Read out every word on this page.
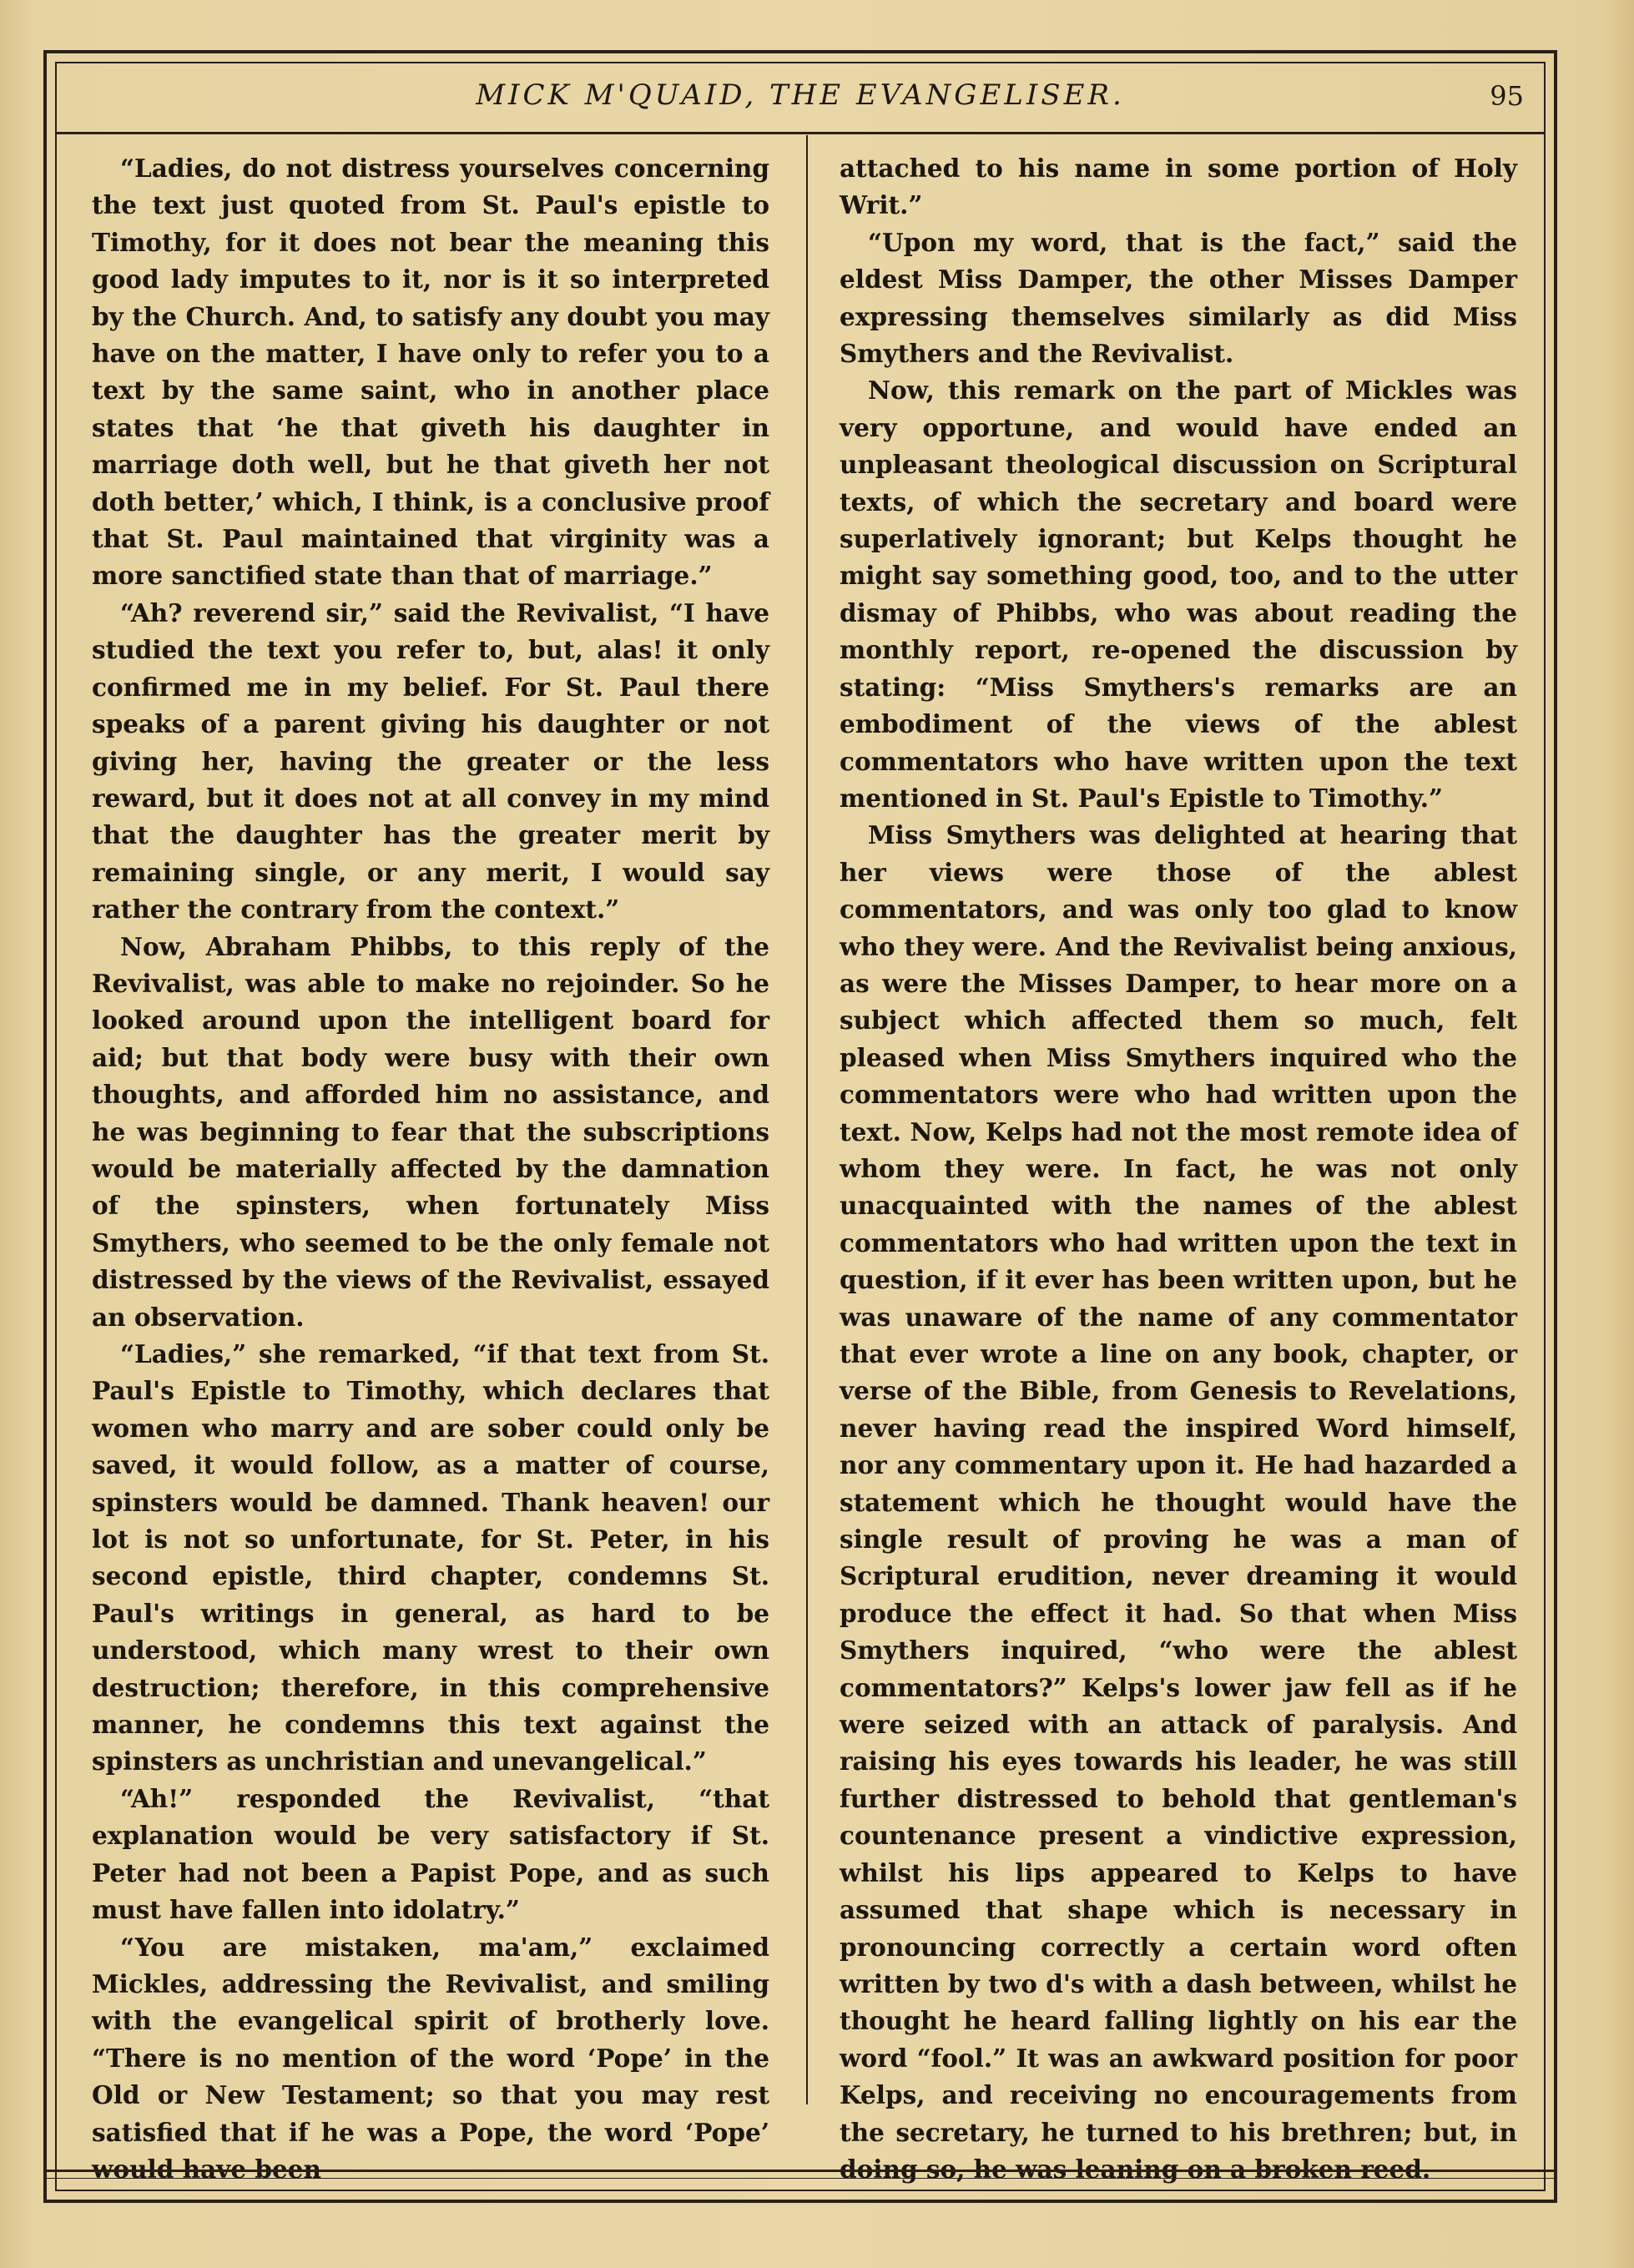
MICK M'QUAID, THE EVANGELISER.	95

“Ladies, do not distress yourselves concerning the text just quoted from St. Paul's epistle to Timothy, for it does not bear the meaning this good lady imputes to it, nor is it so interpreted by the Church. And, to satisfy any doubt you may have on the matter, I have only to refer you to a text by the same saint, who in another place states that ‘he that giveth his daughter in marriage doth well, but he that giveth her not doth better,’ which, I think, is a conclusive proof that St. Paul maintained that virginity was a more sanctified state than that of marriage.”

“Ah? reverend sir,” said the Revivalist, “I have studied the text you refer to, but, alas! it only confirmed me in my belief. For St. Paul there speaks of a parent giving his daughter or not giving her, having the greater or the less reward, but it does not at all convey in my mind that the daughter has the greater merit by remaining single, or any merit, I would say rather the contrary from the context.”

Now, Abraham Phibbs, to this reply of the Revivalist, was able to make no rejoinder. So he looked around upon the intelligent board for aid; but that body were busy with their own thoughts, and afforded him no assistance, and he was beginning to fear that the subscriptions would be materially affected by the damnation of the spinsters, when fortunately Miss Smythers, who seemed to be the only female not distressed by the views of the Revivalist, essayed an observation.

“Ladies,” she remarked, “if that text from St. Paul's Epistle to Timothy, which declares that women who marry and are sober could only be saved, it would follow, as a matter of course, spinsters would be damned. Thank heaven! our lot is not so unfortunate, for St. Peter, in his second epistle, third chapter, condemns St. Paul's writings in general, as hard to be understood, which many wrest to their own destruction; therefore, in this comprehensive manner, he condemns this text against the spinsters as unchristian and unevangelical.”

“Ah!” responded the Revivalist, “that explanation would be very satisfactory if St. Peter had not been a Papist Pope, and as such must have fallen into idolatry.”

“You are mistaken, ma'am,” exclaimed Mickles, addressing the Revivalist, and smiling with the evangelical spirit of brotherly love. “There is no mention of the word ‘Pope’ in the Old or New Testament; so that you may rest satisfied that if he was a Pope, the word ‘Pope’ would have been

attached to his name in some portion of Holy Writ.”

“Upon my word, that is the fact,” said the eldest Miss Damper, the other Misses Damper expressing themselves similarly as did Miss Smythers and the Revivalist.

Now, this remark on the part of Mickles was very opportune, and would have ended an unpleasant theological discussion on Scriptural texts, of which the secretary and board were superlatively ignorant; but Kelps thought he might say something good, too, and to the utter dismay of Phibbs, who was about reading the monthly report, re-opened the discussion by stating: “Miss Smythers's remarks are an embodiment of the views of the ablest commentators who have written upon the text mentioned in St. Paul's Epistle to Timothy.”

Miss Smythers was delighted at hearing that her views were those of the ablest commentators, and was only too glad to know who they were. And the Revivalist being anxious, as were the Misses Damper, to hear more on a subject which affected them so much, felt pleased when Miss Smythers inquired who the commentators were who had written upon the text. Now, Kelps had not the most remote idea of whom they were. In fact, he was not only unacquainted with the names of the ablest commentators who had written upon the text in question, if it ever has been written upon, but he was unaware of the name of any commentator that ever wrote a line on any book, chapter, or verse of the Bible, from Genesis to Revelations, never having read the inspired Word himself, nor any commentary upon it. He had hazarded a statement which he thought would have the single result of proving he was a man of Scriptural erudition, never dreaming it would produce the effect it had. So that when Miss Smythers inquired, “who were the ablest commentators?” Kelps's lower jaw fell as if he were seized with an attack of paralysis. And raising his eyes towards his leader, he was still further distressed to behold that gentleman's countenance present a vindictive expression, whilst his lips appeared to Kelps to have assumed that shape which is necessary in pronouncing correctly a certain word often written by two d's with a dash between, whilst he thought he heard falling lightly on his ear the word “fool.” It was an awkward position for poor Kelps, and receiving no encouragements from the secretary, he turned to his brethren; but, in doing so, he was leaning on a broken reed.
